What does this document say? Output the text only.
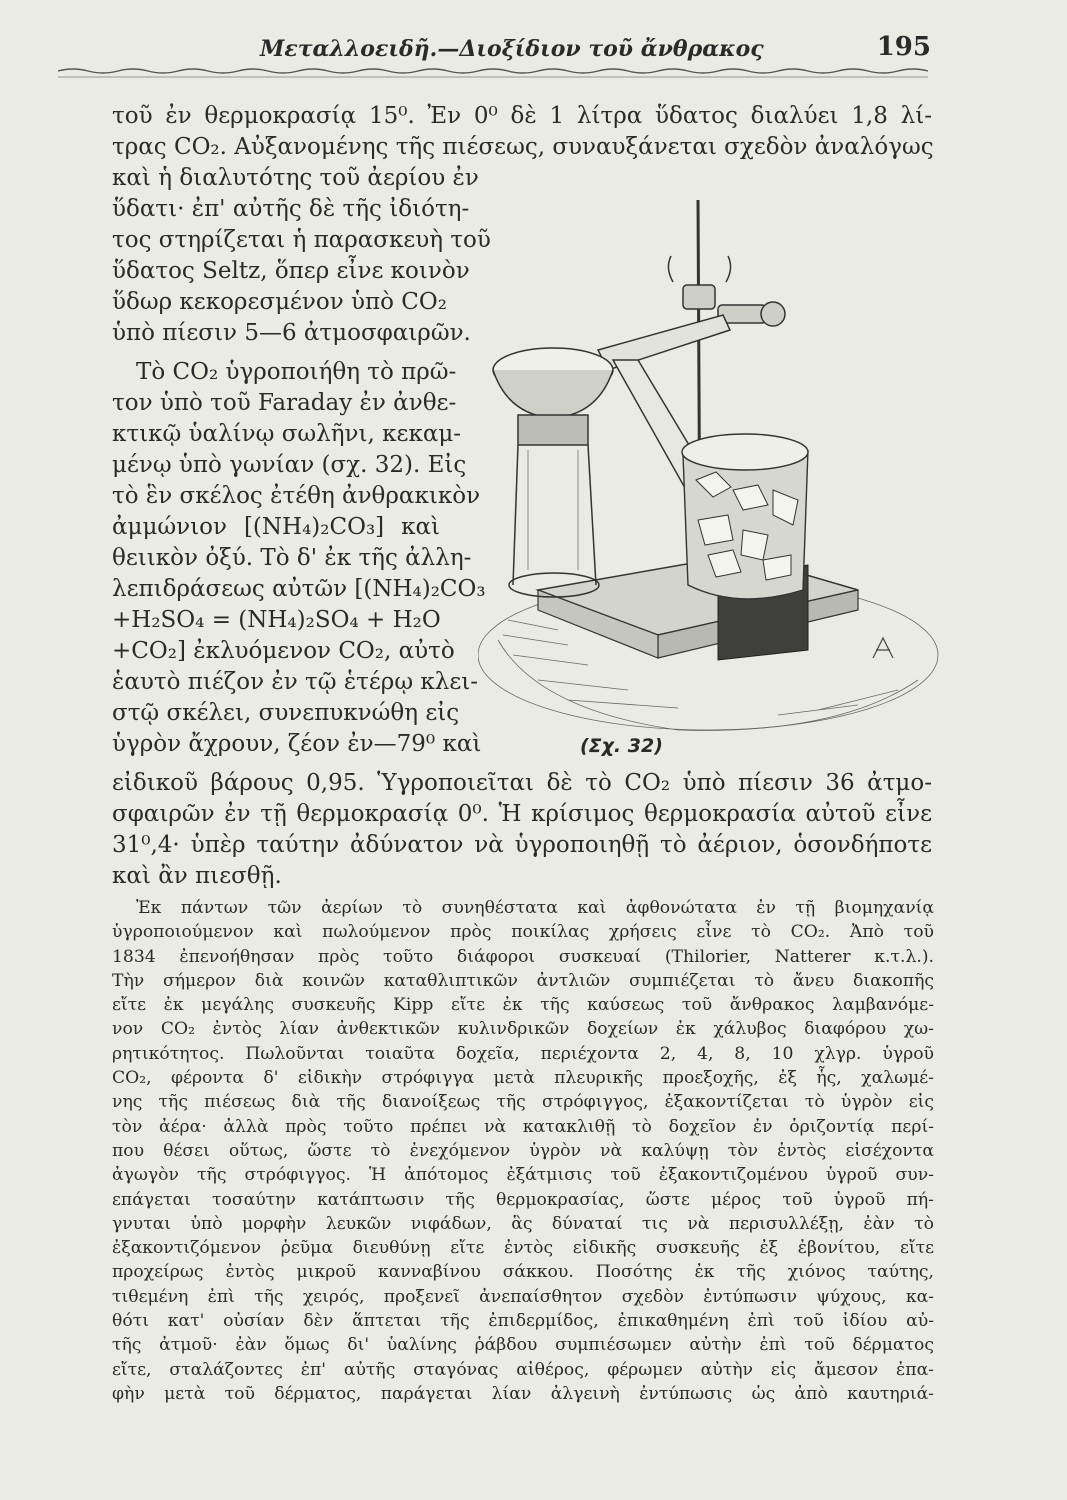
Μεταλλοειδῆ.—Διοξίδιον τοῦ ἄνθρακος	195
τοῦ ἐν θερμοκρασίᾳ 15⁰. Ἐν 0⁰ δὲ 1 λίτρα ὕδατος διαλύει 1,8 λί-
τρας CO₂. Αὐξανομένης τῆς πιέσεως, συναυξάνεται σχεδὸν ἀναλόγως
καὶ ἡ διαλυτότης τοῦ ἀερίου ἐν
ὕδατι· ἐπ' αὐτῆς δὲ τῆς ἰδιότη-
τος στηρίζεται ἡ παρασκευὴ τοῦ
ὕδατος Seltz, ὅπερ εἶνε κοινὸν
ὕδωρ κεκορεσμένον ὑπὸ CO₂
ὑπὸ πίεσιν 5—6 ἀτμοσφαιρῶν.
Τὸ CO₂ ὑγροποιήθη τὸ πρῶ-
τον ὑπὸ τοῦ Faraday ἐν ἀνθε-
κτικῷ ὑαλίνῳ σωλῆνι, κεκαμ-
μένῳ ὑπὸ γωνίαν (σχ. 32). Εἰς
τὸ ἓν σκέλος ἐτέθη ἀνθρακικὸν
ἀμμώνιον [(NH₄)₂CO₃] καὶ
θειικὸν ὀξύ. Τὸ δ' ἐκ τῆς ἀλλη-
λεπιδράσεως αὐτῶν [(NH₄)₂CO₃
+H₂SO₄ = (NH₄)₂SO₄ + H₂O
+CO₂] ἐκλυόμενον CO₂, αὐτὸ
ἑαυτὸ πιέζον ἐν τῷ ἑτέρῳ κλει-
στῷ σκέλει, συνεπυκνώθη εἰς
ὑγρὸν ἄχρουν, ζέον ἐν—79⁰ καὶ	(Σχ. 32)
εἰδικοῦ βάρους 0,95. Ὑγροποιεῖται δὲ τὸ CO₂ ὑπὸ πίεσιν 36 ἀτμο-
σφαιρῶν ἐν τῇ θερμοκρασίᾳ 0⁰. Ἡ κρίσιμος θερμοκρασία αὐτοῦ εἶνε
31⁰,4· ὑπὲρ ταύτην ἀδύνατον νὰ ὑγροποιηθῇ τὸ ἀέριον, ὁσονδήποτε
καὶ ἂν πιεσθῇ.
Ἐκ πάντων τῶν ἀερίων τὸ συνηθέστατα καὶ ἀφθονώτατα ἐν τῇ βιομηχανίᾳ
ὑγροποιούμενον καὶ πωλούμενον πρὸς ποικίλας χρήσεις εἶνε τὸ CO₂. Ἀπὸ τοῦ
1834 ἐπενοήθησαν πρὸς τοῦτο διάφοροι συσκευαί (Thilorier, Natterer κ.τ.λ.).
Τὴν σήμερον διὰ κοινῶν καταθλιπτικῶν ἀντλιῶν συμπιέζεται τὸ ἄνευ διακοπῆς
εἴτε ἐκ μεγάλης συσκευῆς Kipp εἴτε ἐκ τῆς καύσεως τοῦ ἄνθρακος λαμβανόμε-
νον CO₂ ἐντὸς λίαν ἀνθεκτικῶν κυλινδρικῶν δοχείων ἐκ χάλυβος διαφόρου χω-
ρητικότητος. Πωλοῦνται τοιαῦτα δοχεῖα, περιέχοντα 2, 4, 8, 10 χλγρ. ὑγροῦ
CO₂, φέροντα δ' εἰδικὴν στρόφιγγα μετὰ πλευρικῆς προεξοχῆς, ἐξ ἧς, χαλωμέ-
νης τῆς πιέσεως διὰ τῆς διανοίξεως τῆς στρόφιγγος, ἐξακοντίζεται τὸ ὑγρὸν εἰς
τὸν ἀέρα· ἀλλὰ πρὸς τοῦτο πρέπει νὰ κατακλιθῇ τὸ δοχεῖον ἐν ὁριζοντίᾳ περί-
που θέσει οὕτως, ὥστε τὸ ἐνεχόμενον ὑγρὸν νὰ καλύψῃ τὸν ἐντὸς εἰσέχοντα
ἀγωγὸν τῆς στρόφιγγος. Ἡ ἀπότομος ἐξάτμισις τοῦ ἐξακοντιζομένου ὑγροῦ συν-
επάγεται τοσαύτην κατάπτωσιν τῆς θερμοκρασίας, ὥστε μέρος τοῦ ὑγροῦ πή-
γνυται ὑπὸ μορφὴν λευκῶν νιφάδων, ἃς δύναταί τις νὰ περισυλλέξῃ, ἐὰν τὸ
ἐξακοντιζόμενον ῥεῦμα διευθύνῃ εἴτε ἐντὸς εἰδικῆς συσκευῆς ἐξ ἐβονίτου, εἴτε
προχείρως ἐντὸς μικροῦ κανναβίνου σάκκου. Ποσότης ἐκ τῆς χιόνος ταύτης,
τιθεμένη ἐπὶ τῆς χειρός, προξενεῖ ἀνεπαίσθητον σχεδὸν ἐντύπωσιν ψύχους, κα-
θότι κατ' οὐσίαν δὲν ἅπτεται τῆς ἐπιδερμίδος, ἐπικαθημένη ἐπὶ τοῦ ἰδίου αὐ-
τῆς ἀτμοῦ· ἐὰν ὅμως δι' ὑαλίνης ῥάβδου συμπιέσωμεν αὐτὴν ἐπὶ τοῦ δέρματος
εἴτε, σταλάζοντες ἐπ' αὐτῆς σταγόνας αἰθέρος, φέρωμεν αὐτὴν εἰς ἄμεσον ἐπα-
φὴν μετὰ τοῦ δέρματος, παράγεται λίαν ἀλγεινὴ ἐντύπωσις ὡς ἀπὸ καυτηριά-
